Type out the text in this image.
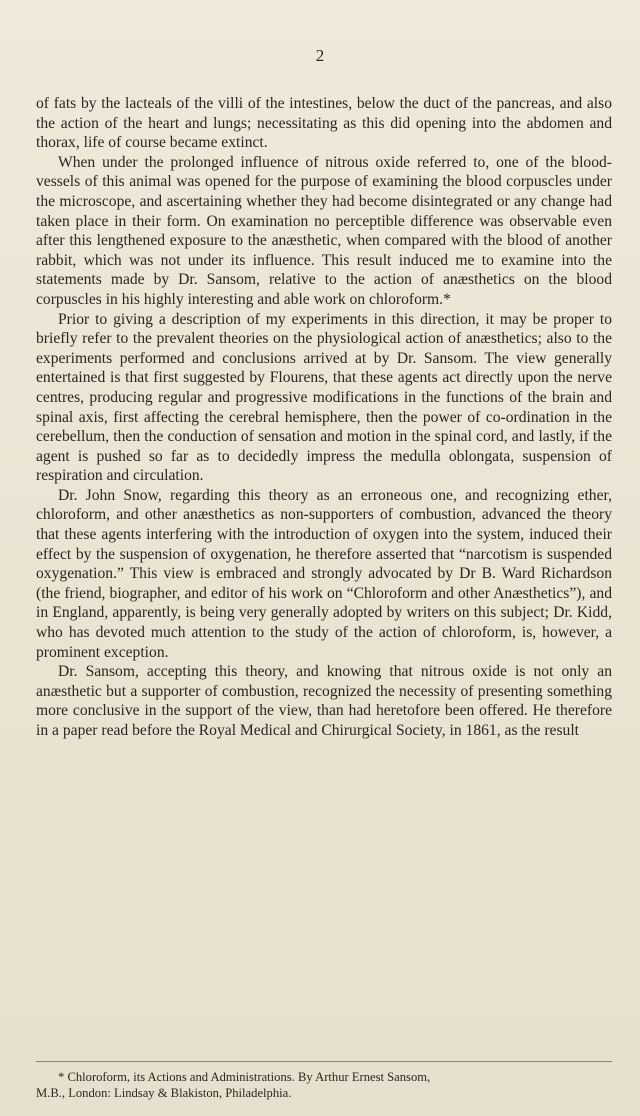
2

of fats by the lacteals of the villi of the intestines, below the duct of the pancreas, and also the action of the heart and lungs; necessitating as this did opening into the abdomen and thorax, life of course became extinct.

When under the prolonged influence of nitrous oxide referred to, one of the blood-vessels of this animal was opened for the purpose of examining the blood corpuscles under the microscope, and ascertaining whether they had become disintegrated or any change had taken place in their form. On examination no perceptible difference was observable even after this lengthened exposure to the anæsthetic, when compared with the blood of another rabbit, which was not under its influence. This result induced me to examine into the statements made by Dr. Sansom, relative to the action of anæsthetics on the blood corpuscles in his highly interesting and able work on chloroform.*

Prior to giving a description of my experiments in this direction, it may be proper to briefly refer to the prevalent theories on the physiological action of anæsthetics; also to the experiments performed and conclusions arrived at by Dr. Sansom. The view generally entertained is that first suggested by Flourens, that these agents act directly upon the nerve centres, producing regular and progressive modifications in the functions of the brain and spinal axis, first affecting the cerebral hemisphere, then the power of co-ordination in the cerebellum, then the conduction of sensation and motion in the spinal cord, and lastly, if the agent is pushed so far as to decidedly impress the medulla oblongata, suspension of respiration and circulation.

Dr. John Snow, regarding this theory as an erroneous one, and recognizing ether, chloroform, and other anæsthetics as non-supporters of combustion, advanced the theory that these agents interfering with the introduction of oxygen into the system, induced their effect by the suspension of oxygenation, he therefore asserted that “narcotism is suspended oxygenation.” This view is embraced and strongly advocated by Dr B. Ward Richardson (the friend, biographer, and editor of his work on “Chloroform and other Anæsthetics”), and in England, apparently, is being very generally adopted by writers on this subject; Dr. Kidd, who has devoted much attention to the study of the action of chloroform, is, however, a prominent exception.

Dr. Sansom, accepting this theory, and knowing that nitrous oxide is not only an anæsthetic but a supporter of combustion, recognized the necessity of presenting something more conclusive in the support of the view, than had heretofore been offered. He therefore in a paper read before the Royal Medical and Chirurgical Society, in 1861, as the result

* Chloroform, its Actions and Administrations. By Arthur Ernest Sansom,
M.B., London: Lindsay & Blakiston, Philadelphia.
